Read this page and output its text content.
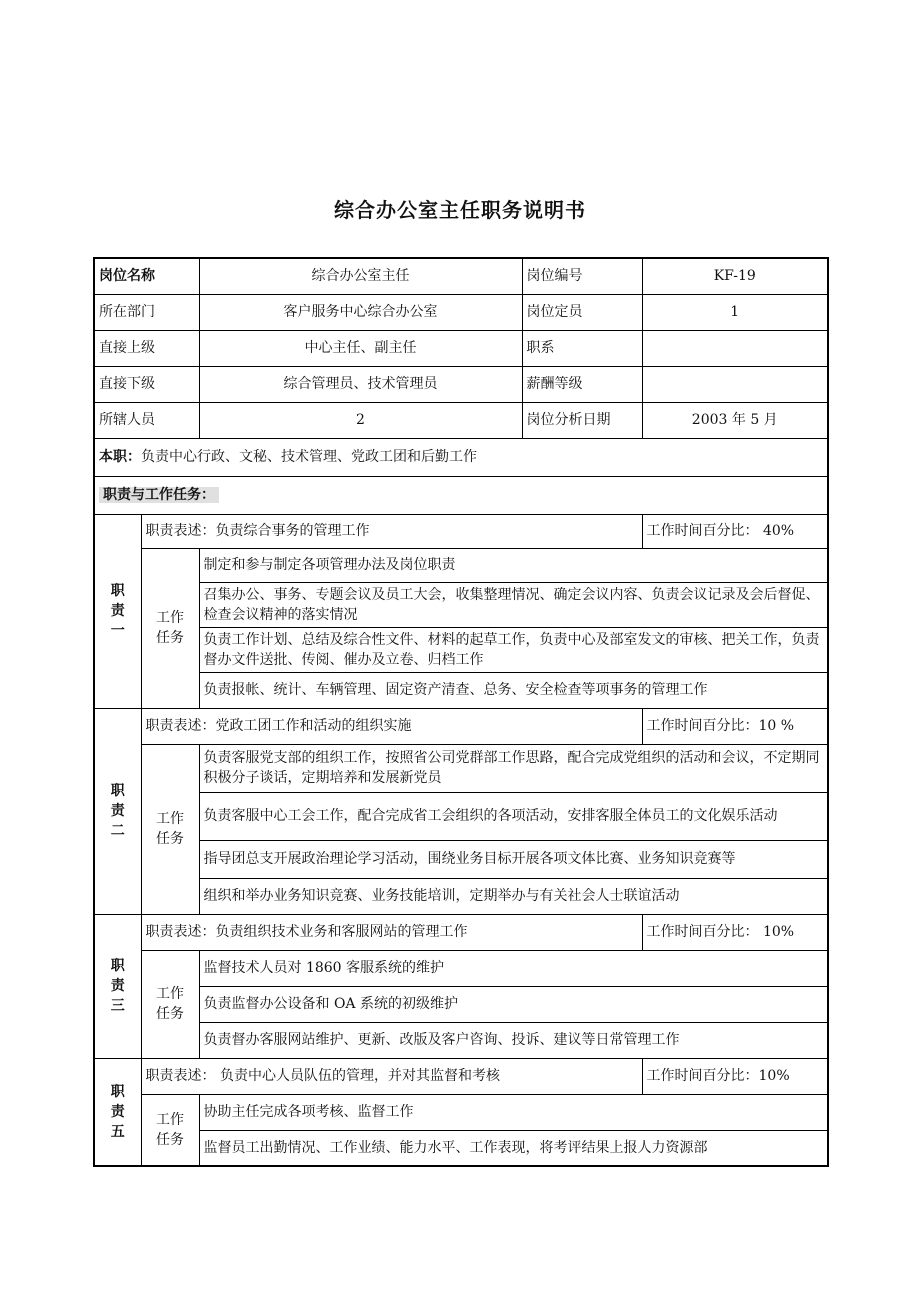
综合办公室主任职务说明书
岗位名称		综合办公室主任	岗位编号	KF-19
所在部门		客户服务中心综合办公室	岗位定员	1
直接上级		中心主任、副主任	职系	
直接下级		综合管理员、技术管理员	薪酬等级	
所辖人员		2	岗位分析日期	2003 年 5 月
本职：负责中心行政、文秘、技术管理、党政工团和后勤工作				
职责与工作任务：				

职
责
一	职责表述：负责综合事务的管理工作			工作时间百分比： 40%

	工作
任务	制定和参与制定各项管理办法及岗位职责		
		召集办公、事务、专题会议及员工大会，收集整理情况、确定会议内容、负责会议记录及会后督促、检查会议精神的落实情况		
		负责工作计划、总结及综合性文件、材料的起草工作，负责中心及部室发文的审核、把关工作，负责督办文件送批、传阅、催办及立卷、归档工作		
		负责报帐、统计、车辆管理、固定资产清查、总务、安全检查等项事务的管理工作		

职
责
二	职责表述：党政工团工作和活动的组织实施			工作时间百分比：10 %

	工作
任务	负责客服党支部的组织工作，按照省公司党群部工作思路，配合完成党组织的活动和会议，不定期同积极分子谈话，定期培养和发展新党员		
		负责客服中心工会工作，配合完成省工会组织的各项活动，安排客服全体员工的文化娱乐活动		
		指导团总支开展政治理论学习活动，围绕业务目标开展各项文体比赛、业务知识竞赛等		
		组织和举办业务知识竞赛、业务技能培训，定期举办与有关社会人士联谊活动		

职
责
三	职责表述：负责组织技术业务和客服网站的管理工作			工作时间百分比： 10%

	工作
任务	监督技术人员对 1860 客服系统的维护		
		负责监督办公设备和 OA 系统的初级维护		
		负责督办客服网站维护、更新、改版及客户咨询、投诉、建议等日常管理工作		

职
责
五	职责表述： 负责中心人员队伍的管理，并对其监督和考核			工作时间百分比：10%

	工作
任务	协助主任完成各项考核、监督工作		
		监督员工出勤情况、工作业绩、能力水平、工作表现，将考评结果上报人力资源部		
